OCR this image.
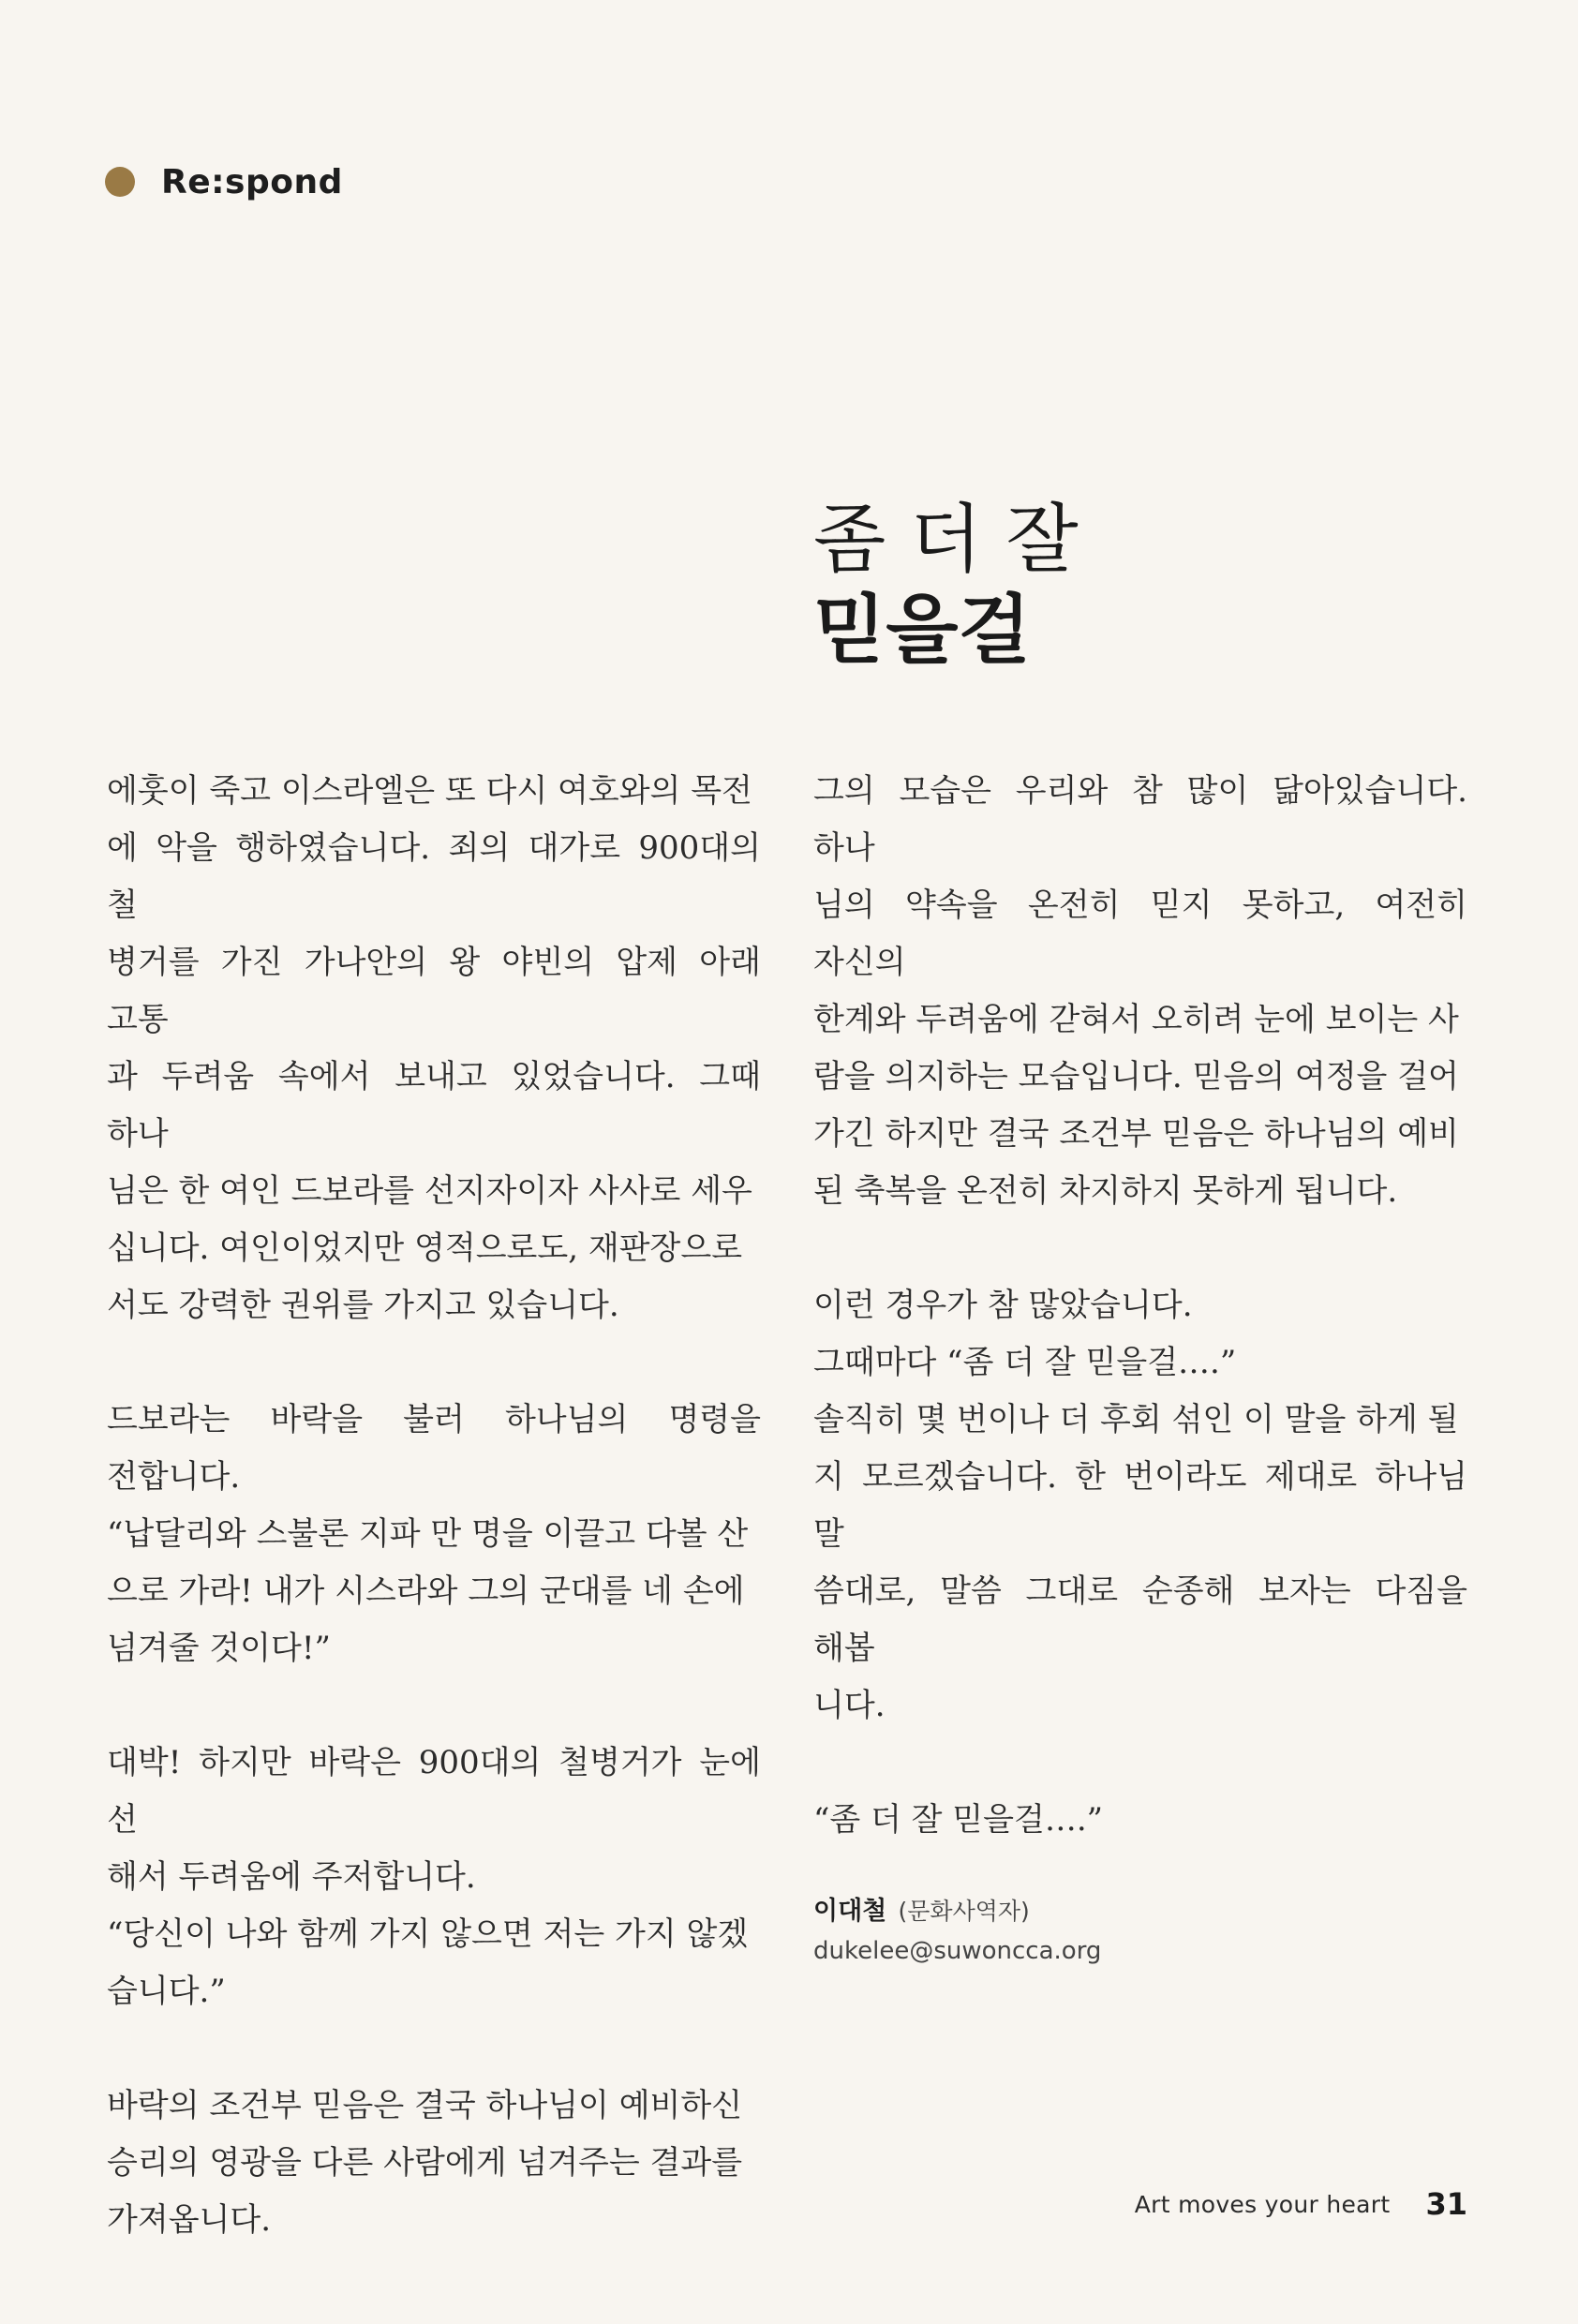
Re:spond
좀 더 잘
믿을걸

에훗이 죽고 이스라엘은 또 다시 여호와의 목전
에 악을 행하였습니다. 죄의 대가로 900대의 철
병거를 가진 가나안의 왕 야빈의 압제 아래 고통
과 두려움 속에서 보내고 있었습니다. 그때 하나
님은 한 여인 드보라를 선지자이자 사사로 세우
십니다. 여인이었지만 영적으로도, 재판장으로
서도 강력한 권위를 가지고 있습니다.

드보라는 바락을 불러 하나님의 명령을 전합니다.
“납달리와 스불론 지파 만 명을 이끌고 다볼 산
으로 가라! 내가 시스라와 그의 군대를 네 손에
넘겨줄 것이다!”

대박! 하지만 바락은 900대의 철병거가 눈에 선
해서 두려움에 주저합니다.
“당신이 나와 함께 가지 않으면 저는 가지 않겠
습니다.”

바락의 조건부 믿음은 결국 하나님이 예비하신
승리의 영광을 다른 사람에게 넘겨주는 결과를
가져옵니다.

그의 모습은 우리와 참 많이 닮아있습니다. 하나
님의 약속을 온전히 믿지 못하고, 여전히 자신의
한계와 두려움에 갇혀서 오히려 눈에 보이는 사
람을 의지하는 모습입니다. 믿음의 여정을 걸어
가긴 하지만 결국 조건부 믿음은 하나님의 예비
된 축복을 온전히 차지하지 못하게 됩니다.

이런 경우가 참 많았습니다.
그때마다 “좀 더 잘 믿을걸….”
솔직히 몇 번이나 더 후회 섞인 이 말을 하게 될
지 모르겠습니다. 한 번이라도 제대로 하나님 말
씀대로, 말씀 그대로 순종해 보자는 다짐을 해봅
니다.

“좀 더 잘 믿을걸….”

이대철 (문화사역자)
dukelee@suwoncca.org
Art moves your heart 31
